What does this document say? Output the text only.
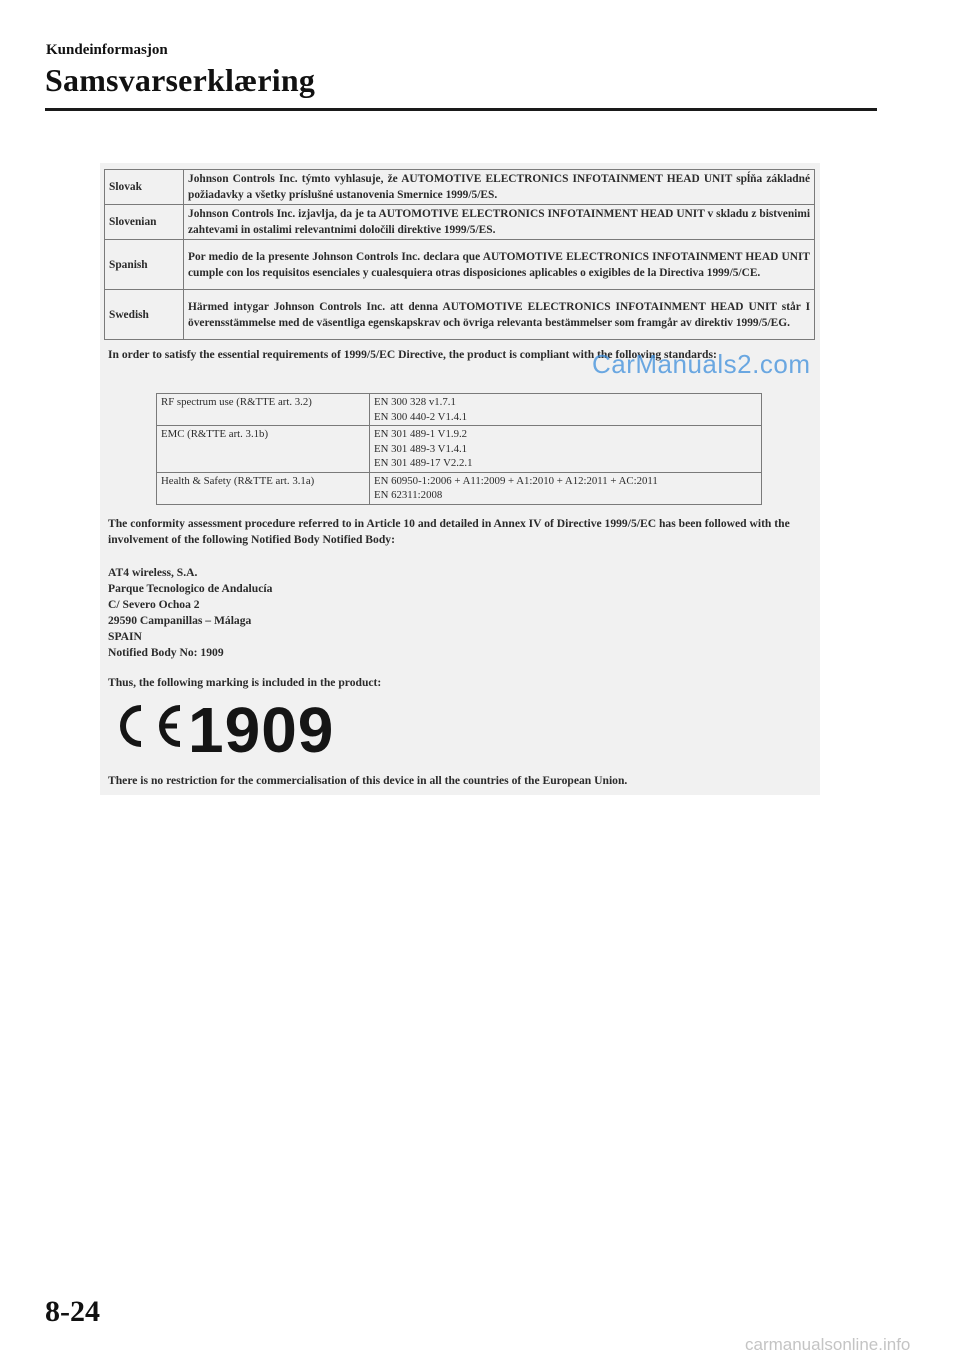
Kundeinformasjon
Samsvarserklæring
Slovak	Johnson Controls Inc. týmto vyhlasuje, že AUTOMOTIVE ELECTRONICS INFOTAINMENT HEAD UNIT spĺňa základné požiadavky a všetky príslušné ustanovenia Smernice 1999/5/ES.
Slovenian	Johnson Controls Inc. izjavlja, da je ta AUTOMOTIVE ELECTRONICS INFOTAINMENT HEAD UNIT v skladu z bistvenimi zahtevami in ostalimi relevantnimi določili direktive 1999/5/ES.
Spanish	Por medio de la presente Johnson Controls Inc. declara que AUTOMOTIVE ELECTRONICS INFOTAINMENT HEAD UNIT cumple con los requisitos esenciales y cualesquiera otras disposiciones aplicables o exigibles de la Directiva 1999/5/CE.
Swedish	Härmed intygar Johnson Controls Inc. att denna AUTOMOTIVE ELECTRONICS INFOTAINMENT HEAD UNIT står I överensstämmelse med de väsentliga egenskapskrav och övriga relevanta bestämmelser som framgår av direktiv 1999/5/EG.
In order to satisfy the essential requirements of 1999/5/EC Directive, the product is compliant with the following standards:
RF spectrum use (R&TTE art. 3.2)	EN 300 328 v1.7.1
EN 300 440-2 V1.4.1

EMC (R&TTE art. 3.1b)	EN 301 489-1 V1.9.2
EN 301 489-3 V1.4.1
EN 301 489-17 V2.2.1

Health & Safety (R&TTE art. 3.1a)	EN 60950-1:2006 + A11:2009 + A1:2010 + A12:2011 + AC:2011
EN 62311:2008
The conformity assessment procedure referred to in Article 10 and detailed in Annex IV of Directive 1999/5/EC has been followed with the involvement of the following Notified Body Notified Body:
AT4 wireless, S.A.
Parque Tecnologico de Andalucía
C/ Severo Ochoa 2
29590 Campanillas – Málaga
SPAIN
Notified Body No: 1909
Thus, the following marking is included in the product:
1909
There is no restriction for the commercialisation of this device in all the countries of the European Union.
CarManuals2.com
8-24
carmanualsonline.info
